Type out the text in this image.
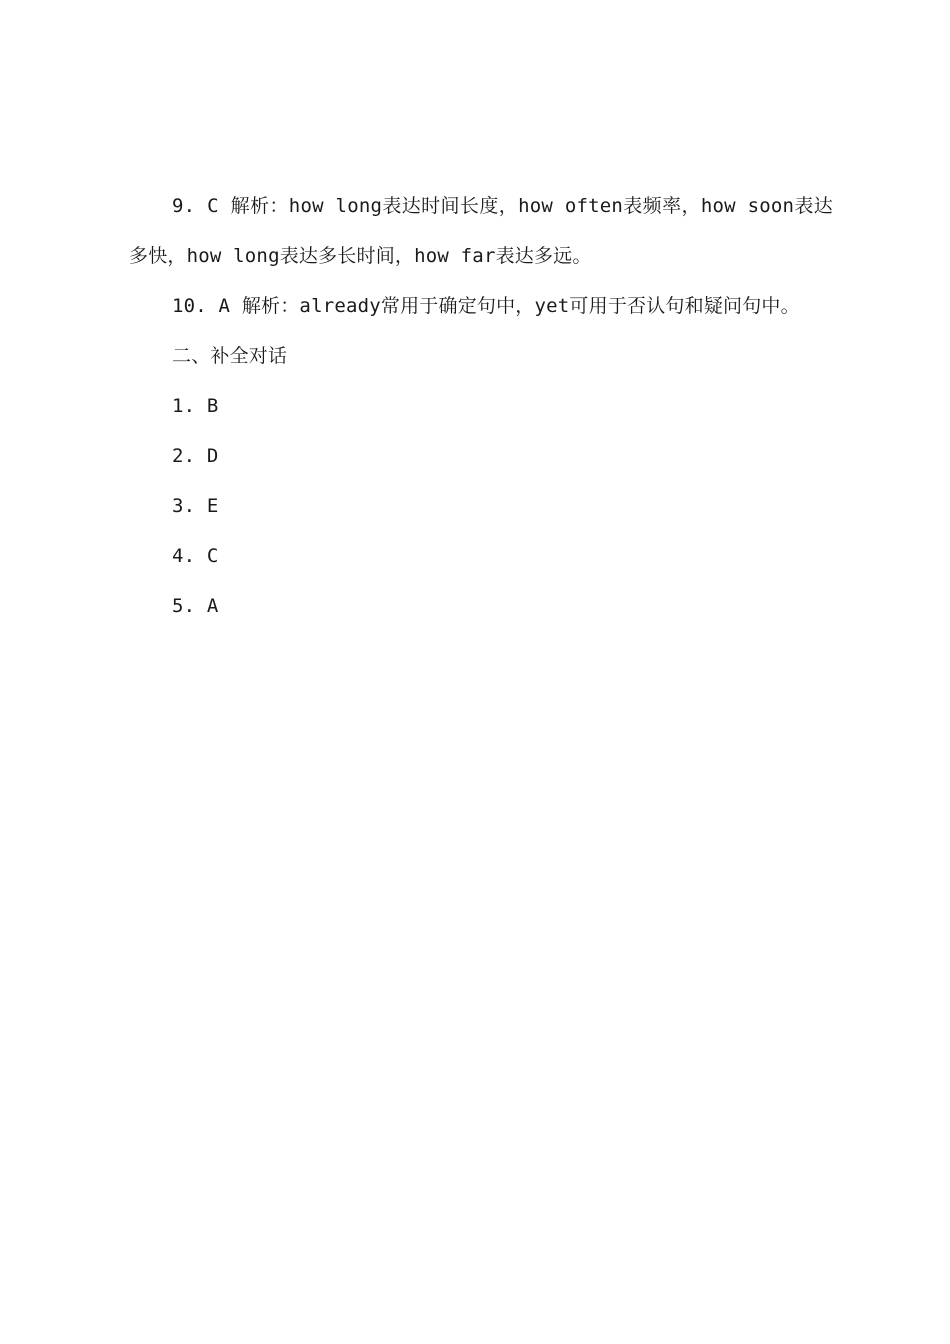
9. C 解析：how long表达时间长度，how often表频率，how soon表达多快，how long表达多长时间，how far表达多远。

10. A 解析：already常用于确定句中，yet可用于否认句和疑问句中。

二、补全对话

1. B

2. D

3. E

4. C

5. A
